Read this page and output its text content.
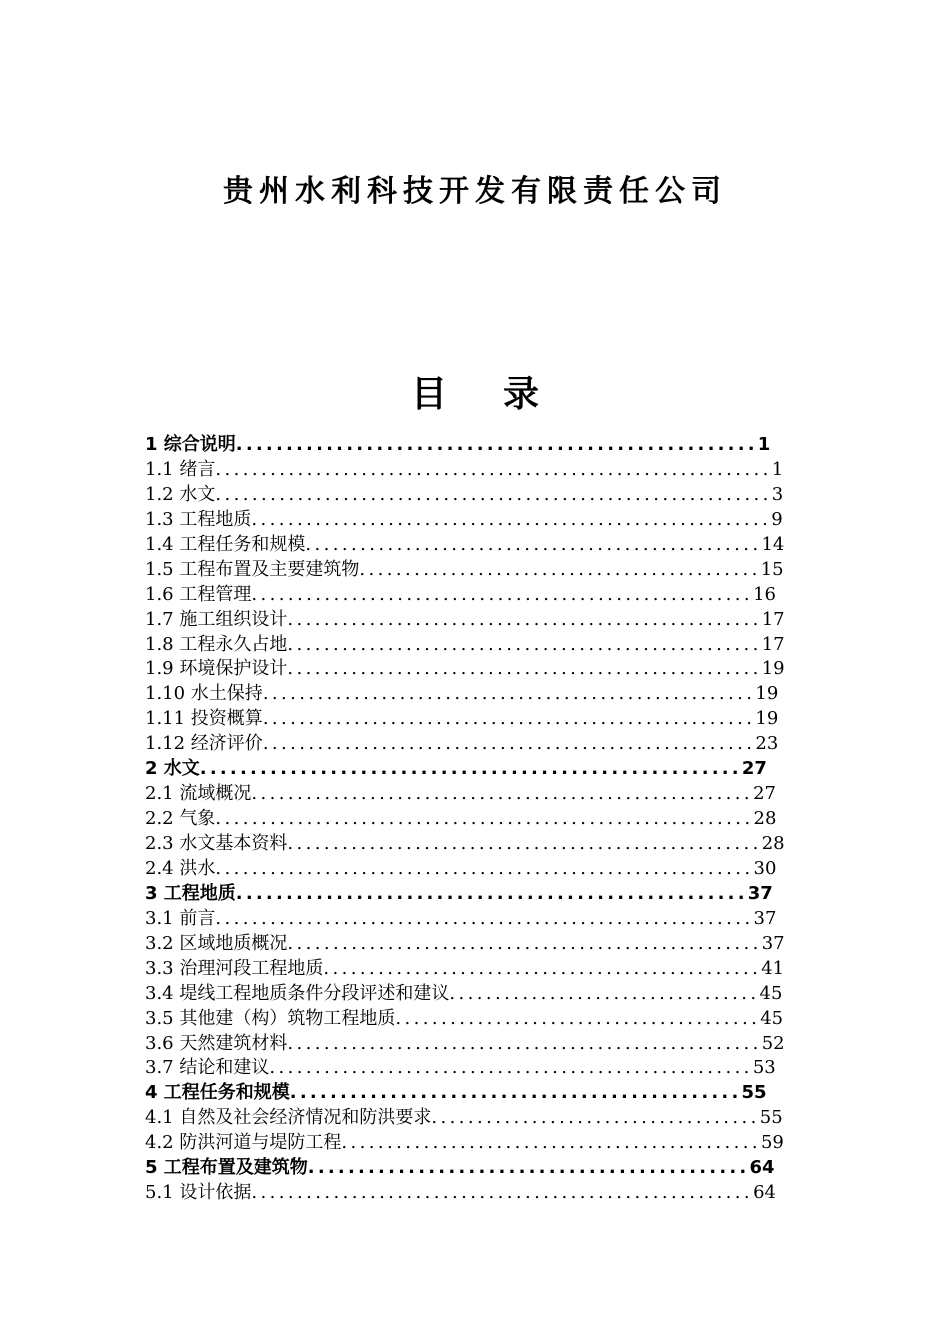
贵州水利科技开发有限责任公司
目 录
1 综合说明 .................................................... 1
1.1 绪言 ............................................................. 1
1.2 水文 ............................................................. 3
1.3 工程地质 ......................................................... 9
1.4 工程任务和规模 .................................................. 14
1.5 工程布置及主要建筑物 ............................................ 15
1.6 工程管理 ....................................................... 16
1.7 施工组织设计 .................................................... 17
1.8 工程永久占地 .................................................... 17
1.9 环境保护设计 .................................................... 19
1.10 水土保持 ...................................................... 19
1.11 投资概算 ...................................................... 19
1.12 经济评价 ...................................................... 23
2 水文 ...................................................... 27
2.1 流域概况 ....................................................... 27
2.2 气象 ........................................................... 28
2.3 水文基本资料 .................................................... 28
2.4 洪水 ........................................................... 30
3 工程地质 ................................................... 37
3.1 前言 ........................................................... 37
3.2 区域地质概况 .................................................... 37
3.3 治理河段工程地质 ................................................ 41
3.4 堤线工程地质条件分段评述和建议 .................................. 45
3.5 其他建（构）筑物工程地质 ........................................ 45
3.6 天然建筑材料 .................................................... 52
3.7 结论和建议 ..................................................... 53
4 工程任务和规模 ............................................. 55
4.1 自然及社会经济情况和防洪要求 .................................... 55
4.2 防洪河道与堤防工程 .............................................. 59
5 工程布置及建筑物 ............................................ 64
5.1 设计依据 ....................................................... 64
